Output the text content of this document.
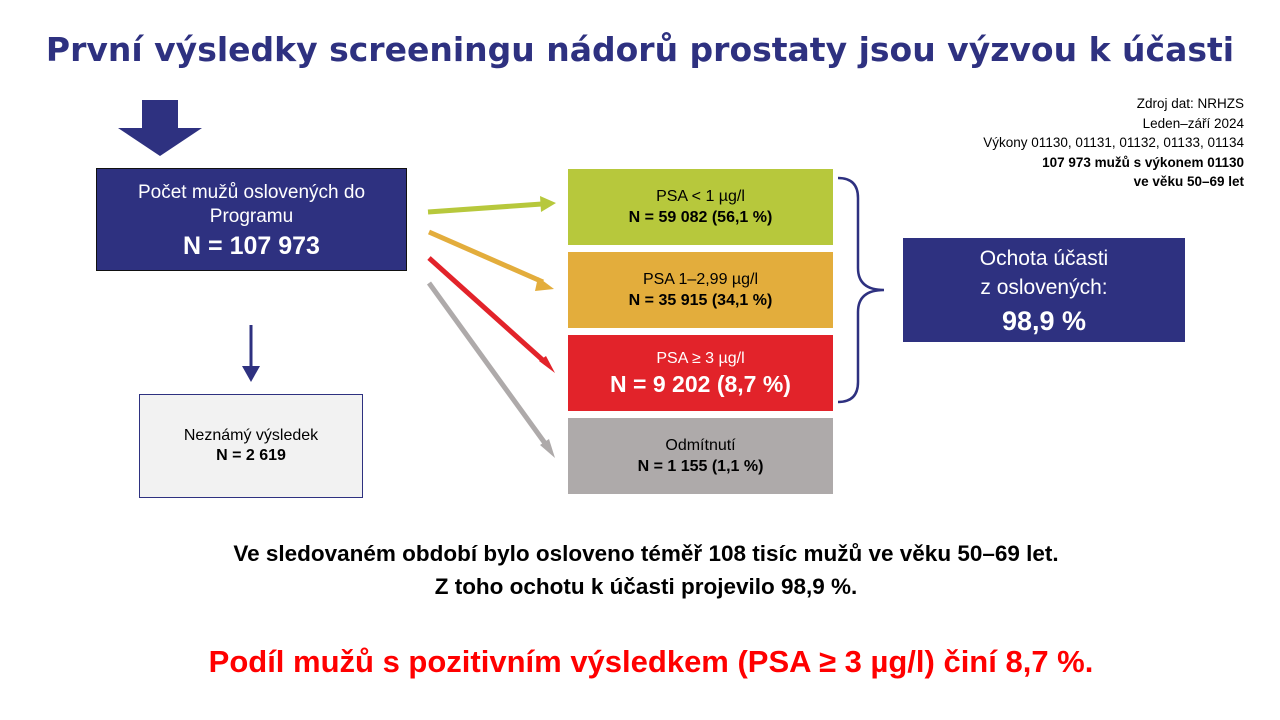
První výsledky screeningu nádorů prostaty jsou výzvou k účasti
Zdroj dat: NRHZS
Leden–září 2024
Výkony 01130, 01131, 01132, 01133, 01134
107 973 mužů s výkonem 01130
ve věku 50–69 let
Počet mužů oslovených do Programu
N = 107 973
Neznámý výsledek
N = 2 619
PSA < 1 µg/l
N = 59 082 (56,1 %)
PSA 1–2,99 µg/l
N = 35 915 (34,1 %)
PSA ≥ 3 µg/l
N = 9 202 (8,7 %)
Odmítnutí
N = 1 155 (1,1 %)
Ochota účasti
z oslovených:
98,9 %
Ve sledovaném období bylo osloveno téměř 108 tisíc mužů ve věku 50–69 let.
Z toho ochotu k účasti projevilo 98,9 %.
Podíl mužů s pozitivním výsledkem (PSA ≥ 3 µg/l) činí 8,7 %.
